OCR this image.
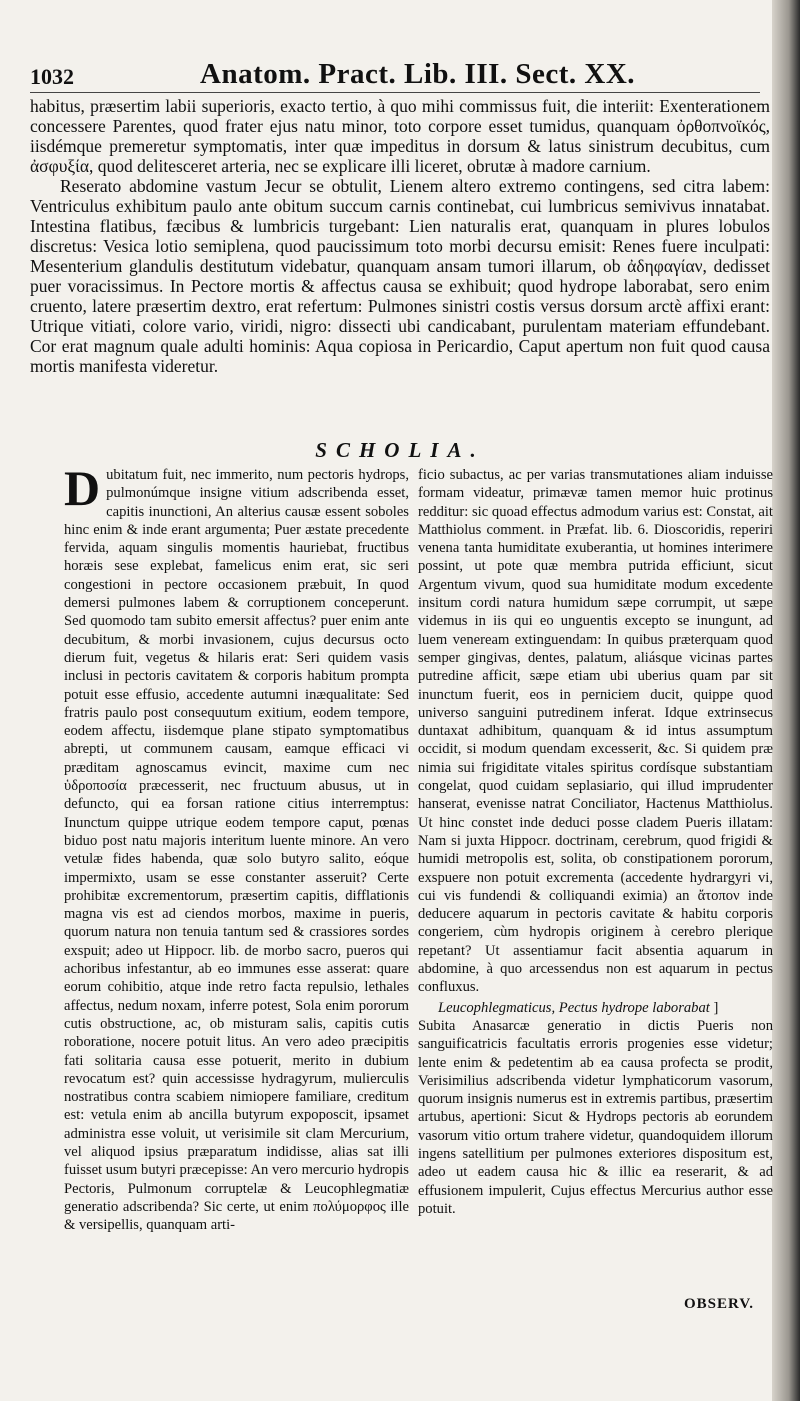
1032	Anatom. Pract. Lib. III. Sect. XX.

habitus, præsertim labii superioris, exacto tertio, à quo mihi commissus fuit, die interiit: Exenterationem concessere Parentes, quod frater ejus natu minor, toto corpore esset tumidus, quanquam ὀρθοπνοϊκός, iisdémque premeretur symptomatis, inter quæ impeditus in dorsum & latus sinistrum decubitus, cum ἀσφυξία, quod delitesceret arteria, nec se explicare illi liceret, obrutæ à madore carnium.

Reserato abdomine vastum Jecur se obtulit, Lienem altero extremo contingens, sed citra labem: Ventriculus exhibitum paulo ante obitum succum carnis continebat, cui lumbricus semivivus innatabat. Intestina flatibus, fæcibus & lumbricis turgebant: Lien naturalis erat, quanquam in plures lobulos discretus: Vesica lotio semiplena, quod paucissimum toto morbi decursu emisit: Renes fuere inculpati: Mesenterium glandulis destitutum videbatur, quanquam ansam tumori illarum, ob ἀδηφαγίαν, dedisset puer voracissimus. In Pectore mortis & affectus causa se exhibuit; quod hydrope laborabat, sero enim cruento, latere præsertim dextro, erat refertum: Pulmones sinistri costis versus dorsum arctè affixi erant: Utrique vitiati, colore vario, viridi, nigro: dissecti ubi candicabant, purulentam materiam effundebant. Cor erat magnum quale adulti hominis: Aqua copiosa in Pericardio, Caput apertum non fuit quod causa mortis manifesta videretur.

SCHOLIA.

Dubitatum fuit, nec immerito, num pectoris hydrops, pulmonúmque insigne vitium adscribenda esset, capitis inunctioni, An alterius causæ essent soboles hinc enim & inde erant argumenta; Puer æstate precedente fervida, aquam singulis momentis hauriebat, fructibus horæis sese explebat, famelicus enim erat, sic seri congestioni in pectore occasionem præbuit, In quod demersi pulmones labem & corruptionem conceperunt. Sed quomodo tam subito emersit affectus? puer enim ante decubitum, & morbi invasionem, cujus decursus octo dierum fuit, vegetus & hilaris erat: Seri quidem vasis inclusi in pectoris cavitatem & corporis habitum prompta potuit esse effusio, accedente autumni inæqualitate: Sed fratris paulo post consequutum exitium, eodem tempore, eodem affectu, iisdemque plane stipato symptomatibus abrepti, ut communem causam, eamque efficaci vi præditam agnoscamus evincit, maxime cum nec ὑδροποσία præcesserit, nec fructuum abusus, ut in defuncto, qui ea forsan ratione citius interremptus: Inunctum quippe utrique eodem tempore caput, pœnas biduo post natu majoris interitum luente minore. An vero vetulæ fides habenda, quæ solo butyro salito, eóque impermixto, usam se esse constanter asseruit? Certe prohibitæ excrementorum, præsertim capitis, difflationis magna vis est ad ciendos morbos, maxime in pueris, quorum natura non tenuia tantum sed & crassiores sordes exspuit; adeo ut Hippocr. lib. de morbo sacro, pueros qui achoribus infestantur, ab eo immunes esse asserat: quare eorum cohibitio, atque inde retro facta repulsio, lethales affectus, nedum noxam, inferre potest, Sola enim pororum cutis obstructione, ac, ob misturam salis, capitis cutis roboratione, nocere potuit litus. An vero adeo præcipitis fati solitaria causa esse potuerit, merito in dubium revocatum est? quin accessisse hydragyrum, mulierculis nostratibus contra scabiem nimiopere familiare, creditum est: vetula enim ab ancilla butyrum expoposcit, ipsamet administra esse voluit, ut verisimile sit clam Mercurium, vel aliquod ipsius præparatum indidisse, alias sat illi fuisset usum butyri præcepisse: An vero mercurio hydropis Pectoris, Pulmonum corruptelæ & Leucophlegmatiæ generatio adscribenda? Sic certe, ut enim πολύμορφος ille & versipellis, quanquam arti-

ficio subactus, ac per varias transmutationes aliam induisse formam videatur, primævæ tamen memor huic protinus redditur: sic quoad effectus admodum varius est: Constat, ait Matthiolus comment. in Præfat. lib. 6. Dioscoridis, reperiri venena tanta humiditate exuberantia, ut homines interimere possint, ut pote quæ membra putrida efficiunt, sicut Argentum vivum, quod sua humiditate modum excedente insitum cordi natura humidum sæpe corrumpit, ut sæpe videmus in iis qui eo unguentis excepto se inungunt, ad luem veneream extinguendam: In quibus præterquam quod semper gingivas, dentes, palatum, aliásque vicinas partes putredine afficit, sæpe etiam ubi uberius quam par sit inunctum fuerit, eos in perniciem ducit, quippe quod universo sanguini putredinem inferat. Idque extrinsecus duntaxat adhibitum, quanquam & id intus assumptum occidit, si modum quendam excesserit, &c. Si quidem præ nimia sui frigiditate vitales spiritus cordísque substantiam congelat, quod cuidam seplasiario, qui illud imprudenter hanserat, evenisse natrat Conciliator, Hactenus Matthiolus. Ut hinc constet inde deduci posse cladem Pueris illatam: Nam si juxta Hippocr. doctrinam, cerebrum, quod frigidi & humidi metropolis est, solita, ob constipationem pororum, exspuere non potuit excrementa (accedente hydrargyri vi, cui vis fundendi & colliquandi eximia) an ἄτοπον inde deducere aquarum in pectoris cavitate & habitu corporis congeriem, cùm hydropis originem à cerebro plerique repetant? Ut assentiamur facit absentia aquarum in abdomine, à quo arcessendus non est aquarum in pectus confluxus.

Leucophlegmaticus, Pectus hydrope laborabat ]

Subita Anasarcæ generatio in dictis Pueris non sanguificatricis facultatis erroris progenies esse videtur; lente enim & pedetentim ab ea causa profecta se prodit, Verisimilius adscribenda videtur lymphaticorum vasorum, quorum insignis numerus est in extremis partibus, præsertim artubus, apertioni: Sicut & Hydrops pectoris ab eorundem vasorum vitio ortum trahere videtur, quandoquidem illorum ingens satellitium per pulmones exteriores dispositum est, adeo ut eadem causa hic & illic ea reserarit, & ad effusionem impulerit, Cujus effectus Mercurius author esse potuit.

OBSERV.
